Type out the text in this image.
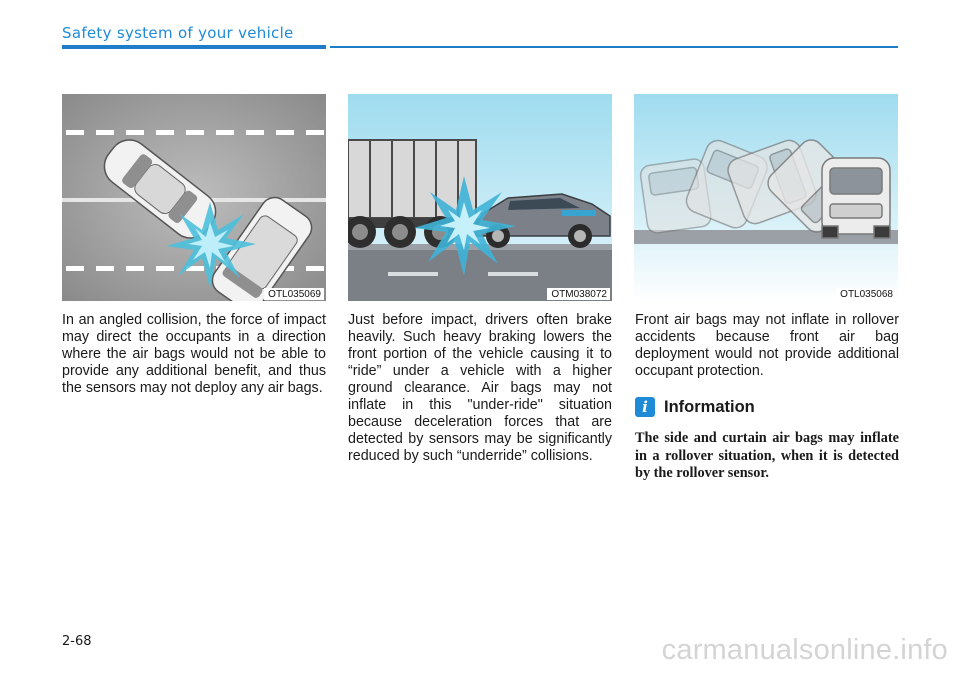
Safety system of your vehicle
OTL035069	OTM038072	OTL035068

In an angled collision, the force of impact may direct the occupants in a direction where the air bags would not be able to provide any additional benefit, and thus the sensors may not deploy any air bags.

Just before impact, drivers often brake heavily. Such heavy braking lowers the front portion of the vehicle causing it to “ride” under a vehicle with a higher ground clearance. Air bags may not inflate in this "under-ride" situation because deceleration forces that are detected by sensors may be significantly reduced by such “underride” collisions.

Front air bags may not inflate in rollover accidents because front air bag deployment would not provide additional occupant protection.

i Information

The side and curtain air bags may inflate in a rollover situation, when it is detected by the rollover sensor.

2-68	carmanualsonline.info
